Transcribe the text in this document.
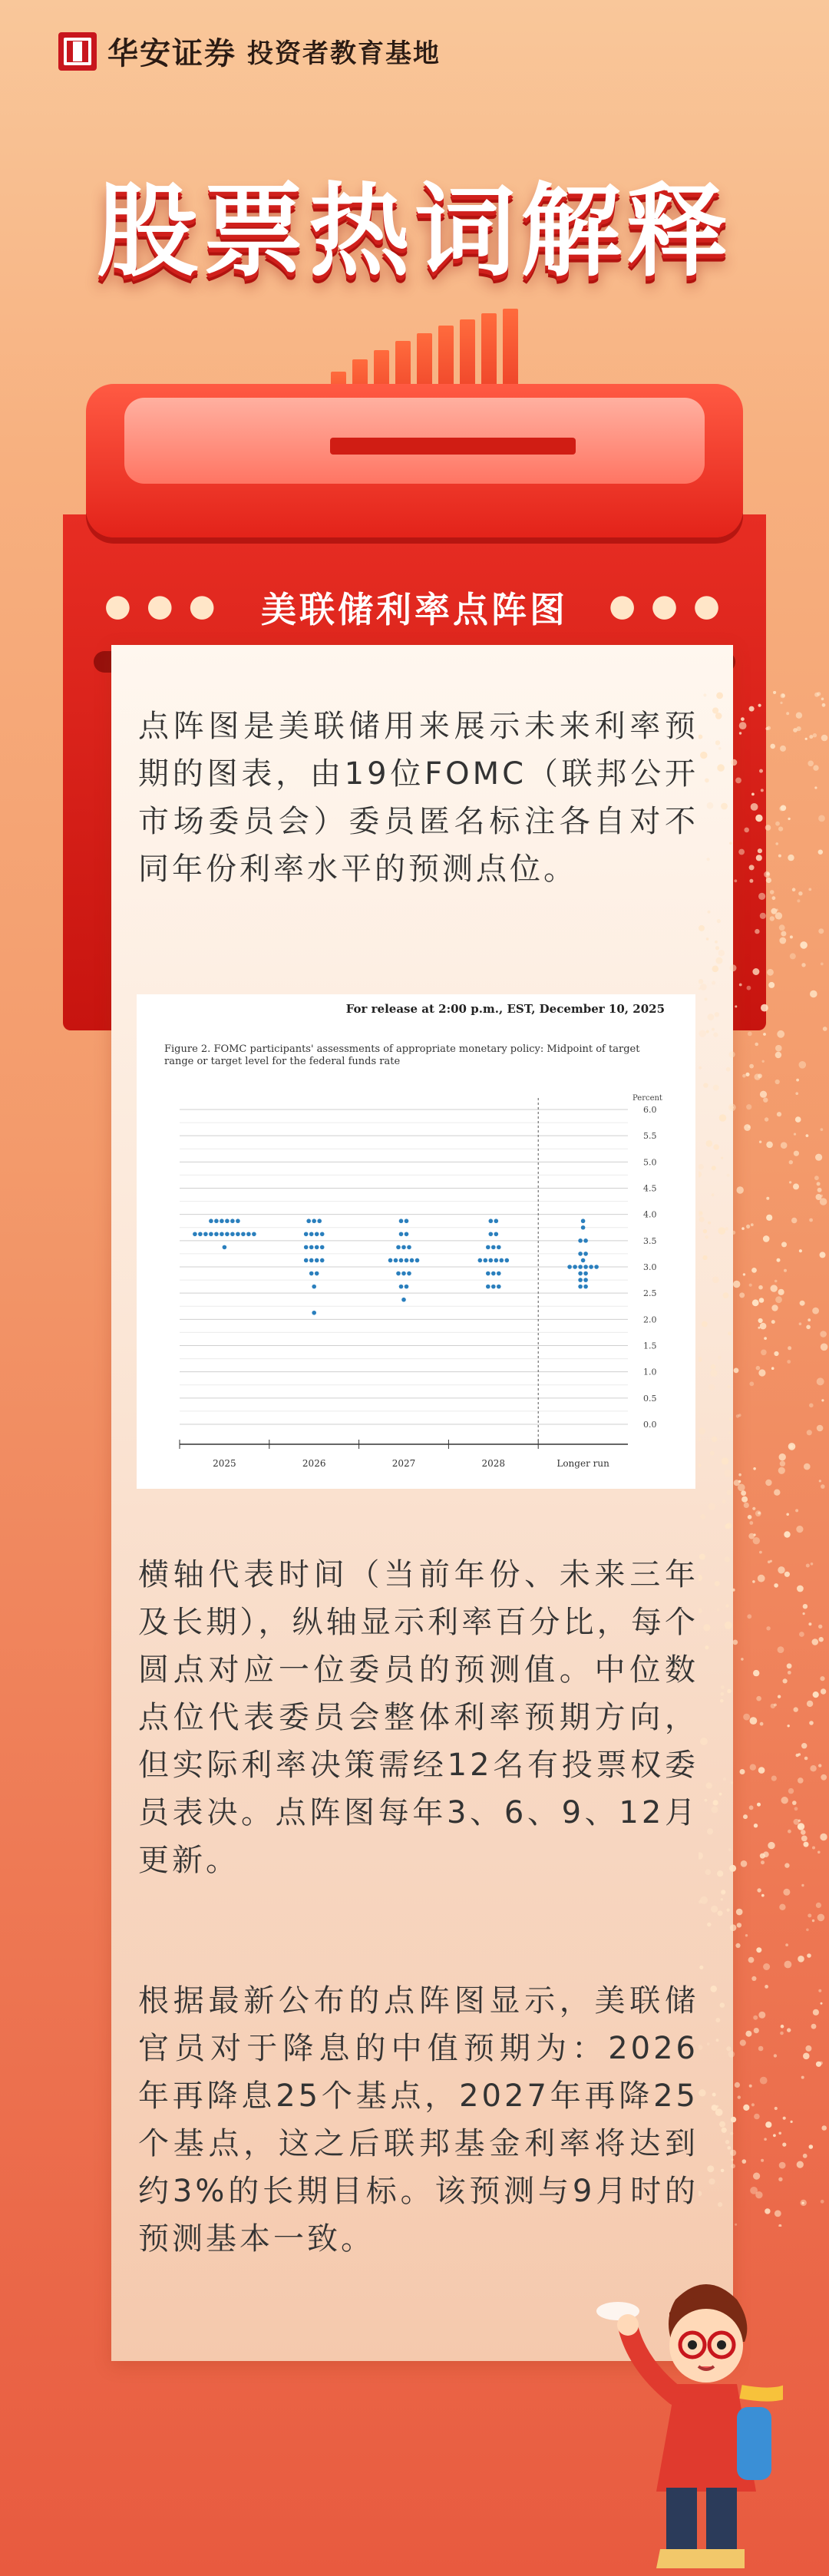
华安证券 投资者教育基地
股票热词解释
●●●	●●●
美联储利率点阵图
点阵图是美联储用来展示未来利率预期的图表，由19位FOMC（联邦公开市场委员会）委员匿名标注各自对不同年份利率水平的预测点位。
For release at 2:00 p.m., EST, December 10, 2025
Figure 2. FOMC participants' assessments of appropriate monetary policy: Midpoint of target range or target level for the federal funds rate
0.0
0.5
1.0
1.5
2.0
2.5
3.0
3.5
4.0
4.5
5.0
5.5
6.0
Percent
2025	2026	2027	2028	Longer run
横轴代表时间（当前年份、未来三年及长期），纵轴显示利率百分比，每个圆点对应一位委员的预测值。中位数点位代表委员会整体利率预期方向，但实际利率决策需经12名有投票权委员表决。点阵图每年3、6、9、12月更新。
根据最新公布的点阵图显示，美联储官员对于降息的中值预期为：2026年再降息25个基点，2027年再降25个基点，这之后联邦基金利率将达到约3%的长期目标。该预测与9月时的预测基本一致。
